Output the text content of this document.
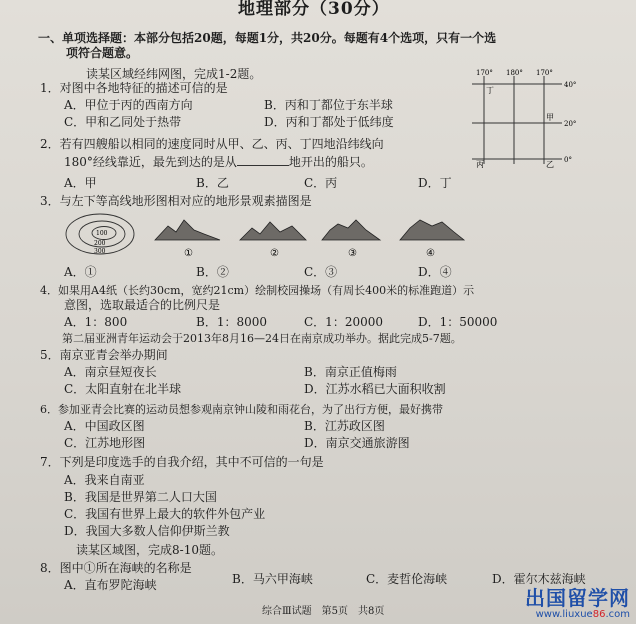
地理部分（30分）
一、单项选择题：本部分包括20题，每题1分，共20分。每题有4个选项，只有一个选
项符合题意。
读某区域经纬网图，完成1-2题。	170° 180° 170°
40°
20°
0°
丁
甲
丙	乙
1．对图中各地特征的描述可信的是
A．甲位于丙的西南方向	B．丙和丁都位于东半球
C．甲和乙同处于热带	D．丙和丁都处于低纬度
2．若有四艘船以相同的速度同时从甲、乙、丙、丁四地沿纬线向
180°经线靠近，最先到达的是从	地开出的船只。
A．甲	B．乙	C．丙	D．丁
3．与左下等高线地形图相对应的地形景观素描图是
100
200
300	①	②	③	④
A．①	B．②	C．③	D．④
4．如果用A4纸（长约30cm，宽约21cm）绘制校园操场（有周长400米的标准跑道）示
意图，选取最适合的比例尺是
A．1：800	B．1：8000	C．1：20000	D．1：50000
第二届亚洲青年运动会于2013年8月16—24日在南京成功举办。据此完成5-7题。
5．南京亚青会举办期间
A．南京昼短夜长	B．南京正值梅雨
C．太阳直射在北半球	D．江苏水稻已大面积收割
6．参加亚青会比赛的运动员想参观南京钟山陵和雨花台，为了出行方便，最好携带
A．中国政区图	B．江苏政区图
C．江苏地形图	D．南京交通旅游图
7．下列是印度选手的自我介绍，其中不可信的一句是
A．我来自南亚
B．我国是世界第二人口大国
C．我国有世界上最大的软件外包产业
D．我国大多数人信仰伊斯兰教
读某区域图，完成8-10题。
8．图中①所在海峡的名称是
A．直布罗陀海峡	B．马六甲海峡	C．麦哲伦海峡	D．霍尔木兹海峡
综合Ⅲ试题　第5页　共8页
出国留学网
www.liuxue86.com
